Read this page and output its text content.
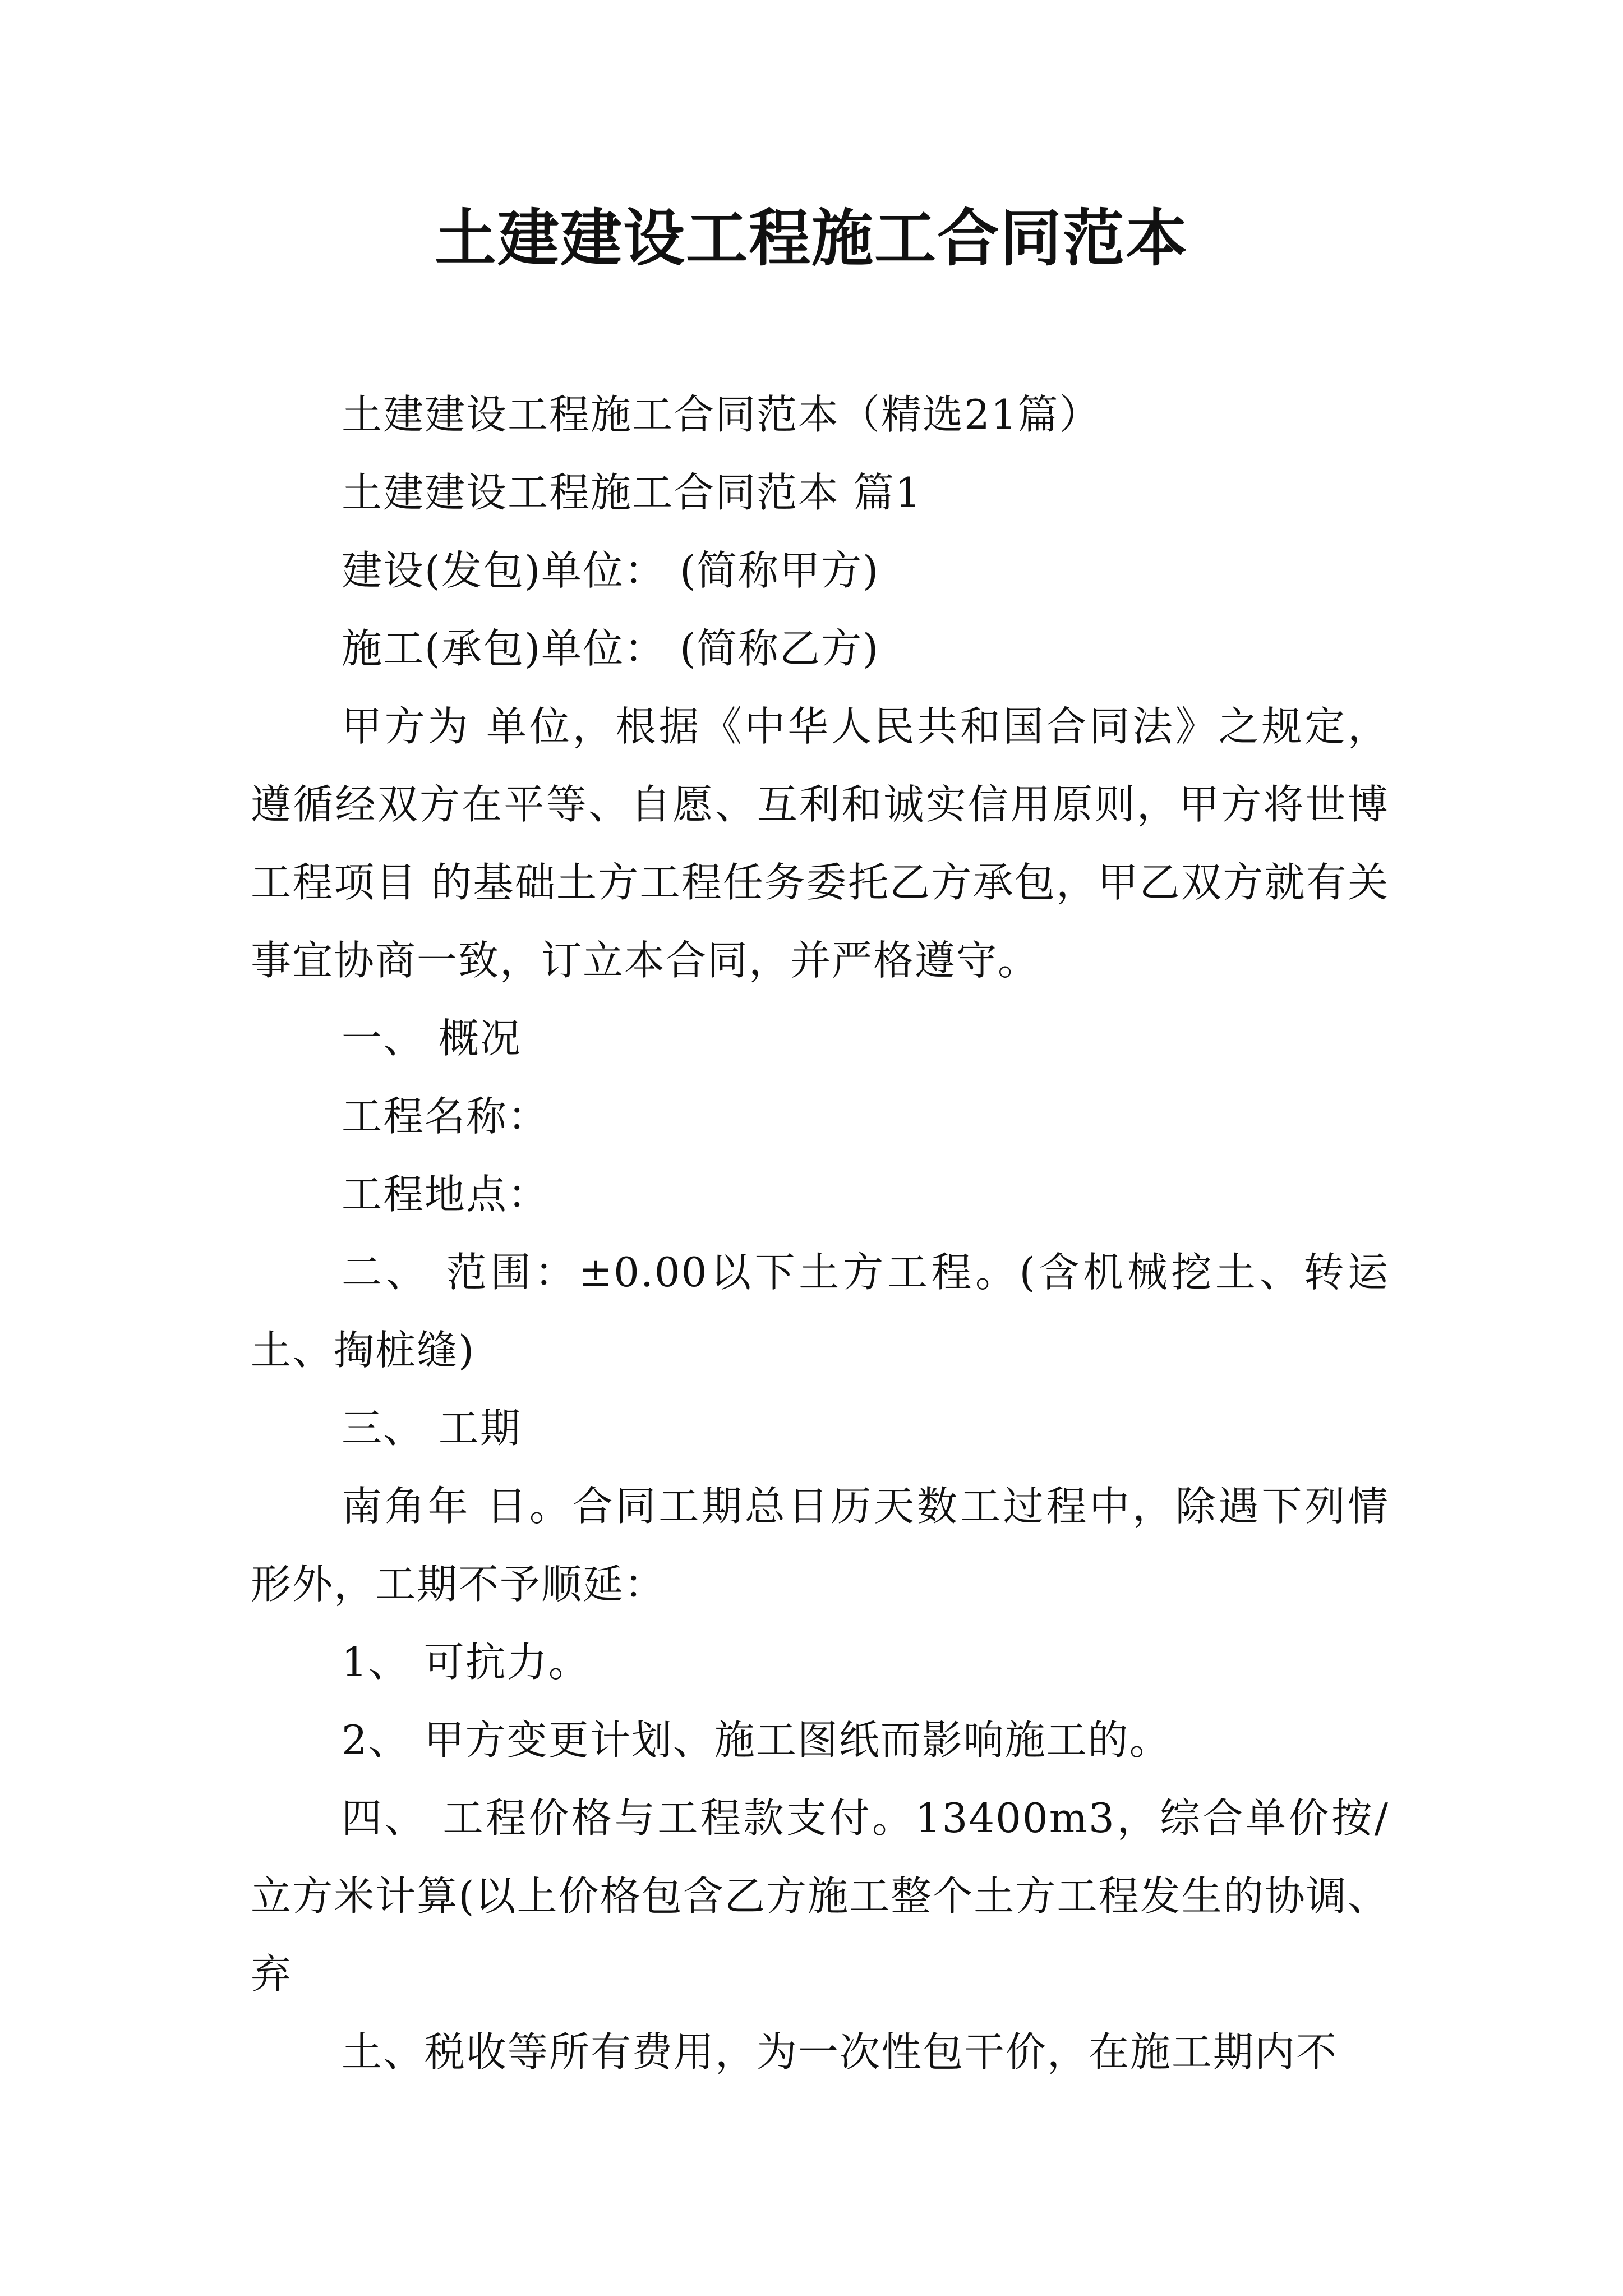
土建建设工程施工合同范本

土建建设工程施工合同范本（精选21篇）

土建建设工程施工合同范本 篇1

建设(发包)单位： (简称甲方)

施工(承包)单位： (简称乙方)

甲方为 单位，根据《中华人民共和国合同法》之规定，遵循经双方在平等、自愿、互利和诚实信用原则，甲方将世博工程项目 的基础土方工程任务委托乙方承包，甲乙双方就有关事宜协商一致，订立本合同，并严格遵守。

一、 概况

工程名称：

工程地点：

二、 范围：±0.00以下土方工程。(含机械挖土、转运土、掏桩缝)

三、 工期

南角年 日。合同工期总日历天数工过程中，除遇下列情形外，工期不予顺延：

1、 可抗力。

2、 甲方变更计划、施工图纸而影响施工的。

四、 工程价格与工程款支付。13400m3，综合单价按/立方米计算(以上价格包含乙方施工整个土方工程发生的协调、弃

土、税收等所有费用，为一次性包干价，在施工期内不
